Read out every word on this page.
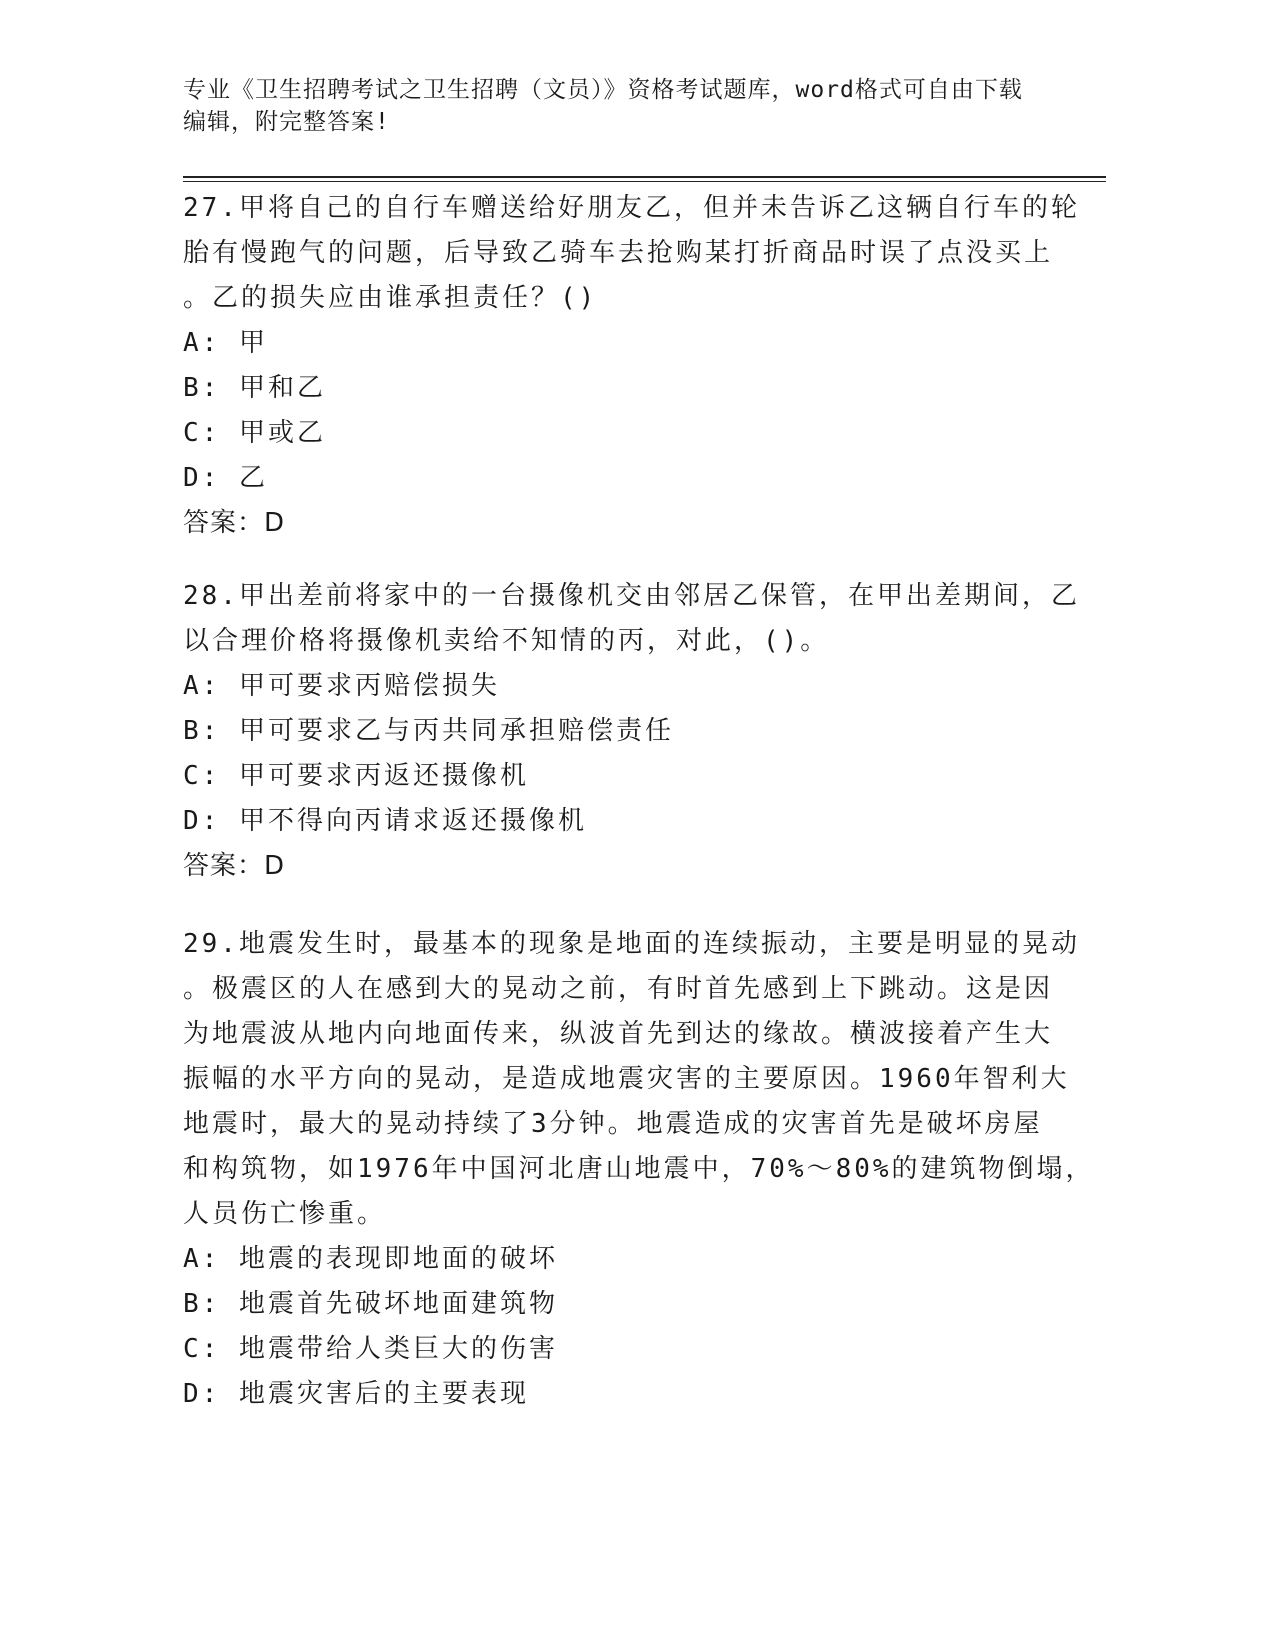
专业《卫生招聘考试之卫生招聘（文员）》资格考试题库，word格式可自由下载
编辑，附完整答案!
27.甲将自己的自行车赠送给好朋友乙，但并未告诉乙这辆自行车的轮
胎有慢跑气的问题，后导致乙骑车去抢购某打折商品时误了点没买上
。乙的损失应由谁承担责任？()
A: 甲
B: 甲和乙
C: 甲或乙
D: 乙
答案：D
28.甲出差前将家中的一台摄像机交由邻居乙保管，在甲出差期间，乙
以合理价格将摄像机卖给不知情的丙，对此，()。
A: 甲可要求丙赔偿损失
B: 甲可要求乙与丙共同承担赔偿责任
C: 甲可要求丙返还摄像机
D: 甲不得向丙请求返还摄像机
答案：D
29.地震发生时，最基本的现象是地面的连续振动，主要是明显的晃动
。极震区的人在感到大的晃动之前，有时首先感到上下跳动。这是因
为地震波从地内向地面传来，纵波首先到达的缘故。横波接着产生大
振幅的水平方向的晃动，是造成地震灾害的主要原因。1960年智利大
地震时，最大的晃动持续了3分钟。地震造成的灾害首先是破坏房屋
和构筑物，如1976年中国河北唐山地震中，70%～80%的建筑物倒塌，
人员伤亡惨重。
A: 地震的表现即地面的破坏
B: 地震首先破坏地面建筑物
C: 地震带给人类巨大的伤害
D: 地震灾害后的主要表现
